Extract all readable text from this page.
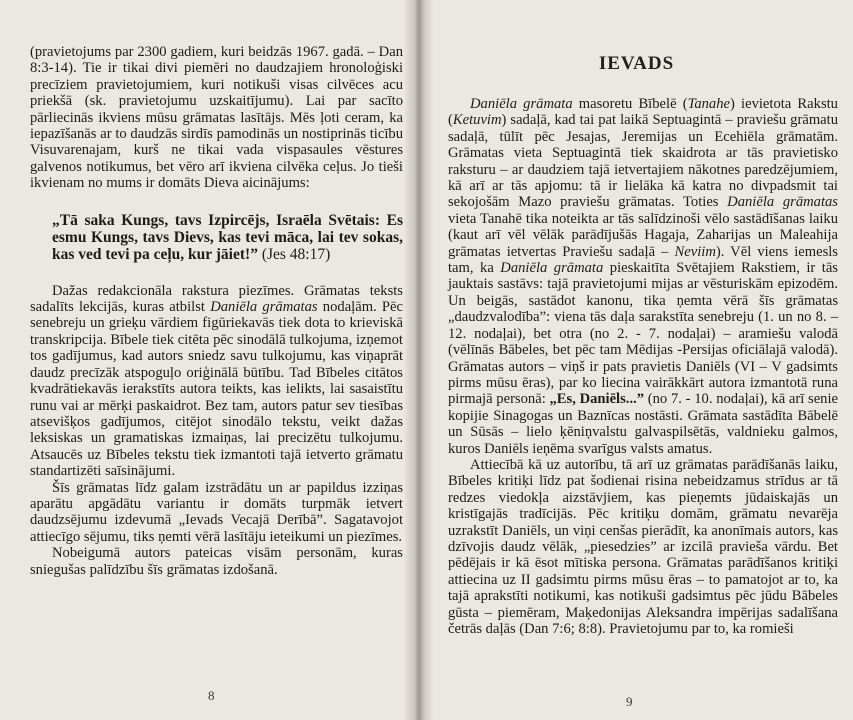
(pravietojums par 2300 gadiem, kuri beidzās 1967. gadā. – Dan 8:3-14). Tie ir tikai divi piemēri no daudzajiem hronoloģiski precīziem pravietojumiem, kuri notikuši visas cilvēces acu priekšā (sk. pravietojumu uzskaitījumu). Lai par sacīto pārliecinās ikviens mūsu grāmatas lasītājs. Mēs ļoti ceram, ka iepazīšanās ar to daudzās sirdīs pamodinās un nostiprinās ticību Visuvarenajam, kurš ne tikai vada vispasaules vēstures galvenos notikumus, bet vēro arī ikviena cilvēka ceļus. Jo tieši ikvienam no mums ir domāts Dieva aicinājums:

„Tā saka Kungs, tavs Izpircējs, Israēla Svētais: Es esmu Kungs, tavs Dievs, kas tevi māca, lai tev sokas, kas ved tevi pa ceļu, kur jāiet!” (Jes 48:17)

Dažas redakcionāla rakstura piezīmes. Grāmatas teksts sadalīts lekcijās, kuras atbilst Daniēla grāmatas nodaļām. Pēc senebreju un grieķu vārdiem figūriekavās tiek dota to krieviskā transkripcija. Bībele tiek citēta pēc sinodālā tulkojuma, izņemot tos gadījumus, kad autors sniedz savu tulkojumu, kas viņaprāt daudz precīzāk atspoguļo oriģinālā būtību. Tad Bībeles citātos kvadrātiekavās ierakstīts autora teikts, kas ielikts, lai sasaistītu runu vai ar mērķi paskaidrot. Bez tam, autors patur sev tiesības atsevišķos gadījumos, citējot sinodālo tekstu, veikt dažas leksiskas un gramatiskas izmaiņas, lai precizētu tulkojumu. Atsaucēs uz Bībeles tekstu tiek izmantoti tajā ietverto grāmatu standartizēti saīsinājumi.

Šīs grāmatas līdz galam izstrādātu un ar papildus izziņas aparātu apgādātu variantu ir domāts turpmāk ietvert daudzsējumu izdevumā „Ievads Vecajā Derībā”. Sagatavojot attiecīgo sējumu, tiks ņemti vērā lasītāju ieteikumi un piezīmes.

Nobeigumā autors pateicas visām personām, kuras sniegušas palīdzību šīs grāmatas izdošanā.

8
IEVADS

Daniēla grāmata masoretu Bībelē (Tanahe) ievietota Rakstu (Ketuvim) sadaļā, kad tai pat laikā Septuagintā – praviešu grāmatu sadaļā, tūlīt pēc Jesajas, Jeremijas un Ecehiēla grāmatām. Grāmatas vieta Septuagintā tiek skaidrota ar tās pravietisko raksturu – ar daudziem tajā ietvertajiem nākotnes paredzējumiem, kā arī ar tās apjomu: tā ir lielāka kā katra no divpadsmit tai sekojošām Mazo praviešu grāmatas. Toties Daniēla grāmatas vieta Tanahē tika noteikta ar tās salīdzinoši vēlo sastādīšanas laiku (kaut arī vēl vēlāk parādījušās Hagaja, Zaharijas un Maleahija grāmatas ietvertas Praviešu sadaļā – Neviim). Vēl viens iemesls tam, ka Daniēla grāmata pieskaitīta Svētajiem Rakstiem, ir tās jauktais sastāvs: tajā pravietojumi mijas ar vēsturiskām epizodēm. Un beigās, sastādot kanonu, tika ņemta vērā šīs grāmatas „daudzvalodība”: viena tās daļa sarakstīta senebreju (1. un no 8. – 12. nodaļai), bet otra (no 2. - 7. nodaļai) – aramiešu valodā (vēlīnās Bābeles, bet pēc tam Mēdijas -Persijas oficiālajā valodā). Grāmatas autors – viņš ir pats pravietis Daniēls (VI – V gadsimts pirms mūsu ēras), par ko liecina vairākkārt autora izmantotā runa pirmajā personā: „Es, Daniēls...” (no 7. - 10. nodaļai), kā arī senie kopijie Sinagogas un Baznīcas nostāsti. Grāmata sastādīta Bābelē un Sūsās – lielo ķēniņvalstu galvaspilsētās, valdnieku galmos, kuros Daniēls ieņēma svarīgus valsts amatus.

Attiecībā kā uz autorību, tā arī uz grāmatas parādīšanās laiku, Bībeles kritiķi līdz pat šodienai risina nebeidzamus strīdus ar tā redzes viedokļa aizstāvjiem, kas pieņemts jūdaiskajās un kristīgajās tradīcijās. Pēc kritiķu domām, grāmatu nevarēja uzrakstīt Daniēls, un viņi cenšas pierādīt, ka anonīmais autors, kas dzīvojis daudz vēlāk, „piesedzies” ar izcilā pravieša vārdu. Bet pēdējais ir kā ēsot mītiska persona. Grāmatas parādīšanos kritiķi attiecina uz II gadsimtu pirms mūsu ēras – to pamatojot ar to, ka tajā aprakstīti notikumi, kas notikuši gadsimtus pēc jūdu Bābeles gūsta – piemēram, Maķedonijas Aleksandra impērijas sadalīšana četrās daļās (Dan 7:6; 8:8). Pravietojumu par to, ka romieši

9
